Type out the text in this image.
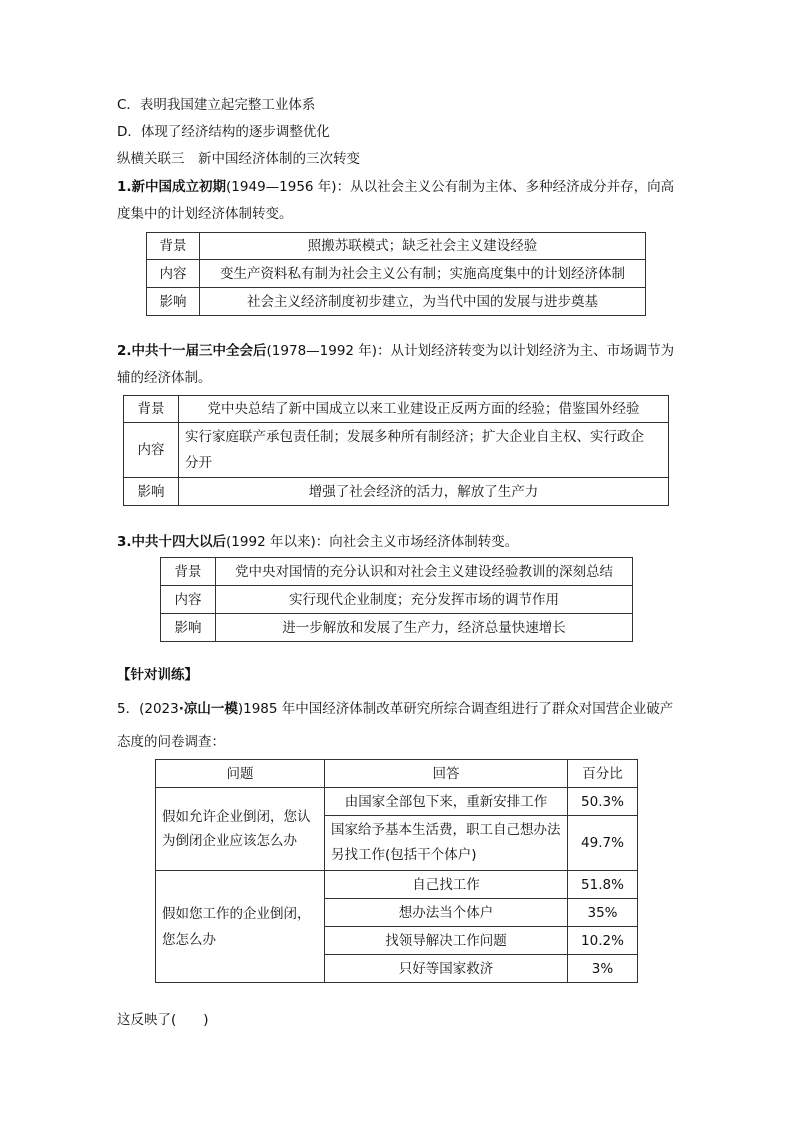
C．表明我国建立起完整工业体系
D．体现了经济结构的逐步调整优化
纵横关联三　新中国经济体制的三次转变
1.新中国成立初期(1949—1956 年)：从以社会主义公有制为主体、多种经济成分并存，向高
度集中的计划经济体制转变。
背景	照搬苏联模式；缺乏社会主义建设经验
内容	变生产资料私有制为社会主义公有制；实施高度集中的计划经济体制
影响	社会主义经济制度初步建立，为当代中国的发展与进步奠基
2.中共十一届三中全会后(1978—1992 年)：从计划经济转变为以计划经济为主、市场调节为
辅的经济体制。
背景	党中央总结了新中国成立以来工业建设正反两方面的经验；借鉴国外经验
内容	实行家庭联产承包责任制；发展多种所有制经济；扩大企业自主权、实行政企
分开

影响	增强了社会经济的活力，解放了生产力
3.中共十四大以后(1992 年以来)：向社会主义市场经济体制转变。
背景	党中央对国情的充分认识和对社会主义建设经验教训的深刻总结
内容	实行现代企业制度；充分发挥市场的调节作用
影响	进一步解放和发展了生产力，经济总量快速增长
【针对训练】
5．(2023·凉山一模)1985 年中国经济体制改革研究所综合调查组进行了群众对国营企业破产
态度的问卷调查：
问题	回答	百分比

假如允许企业倒闭，您认
为倒闭企业应该怎么办	由国家全部包下来，重新安排工作	50.3%

	国家给予基本生活费，职工自己想办法
另找工作(包括干个体户)	49.7%

假如您工作的企业倒闭，
您怎么办	自己找工作	51.8%
	想办法当个体户	35%
	找领导解决工作问题	10.2%
	只好等国家救济	3%
这反映了(　　)
